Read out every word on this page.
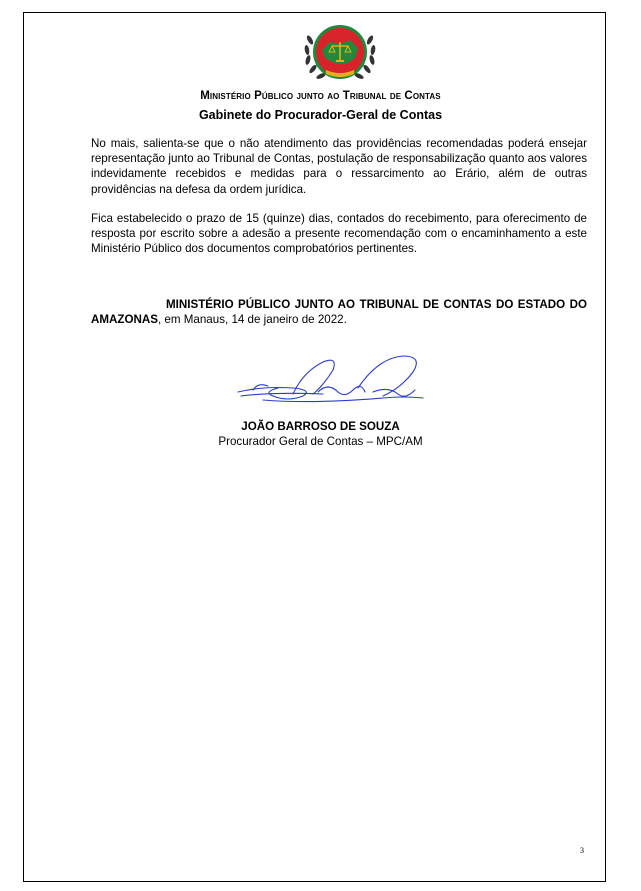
Ministério Público junto ao Tribunal de Contas
Gabinete do Procurador-Geral de Contas

No mais, salienta-se que o não atendimento das providências recomendadas poderá ensejar representação junto ao Tribunal de Contas, postulação de responsabilização quanto aos valores indevidamente recebidos e medidas para o ressarcimento ao Erário, além de outras providências na defesa da ordem jurídica.

Fica estabelecido o prazo de 15 (quinze) dias, contados do recebimento, para oferecimento de resposta por escrito sobre a adesão a presente recomendação com o encaminhamento a este Ministério Público dos documentos comprobatórios pertinentes.

MINISTÉRIO PÚBLICO JUNTO AO TRIBUNAL DE CONTAS DO ESTADO DO AMAZONAS, em Manaus, 14 de janeiro de 2022.

JOÃO BARROSO DE SOUZA
Procurador Geral de Contas – MPC/AM
3
